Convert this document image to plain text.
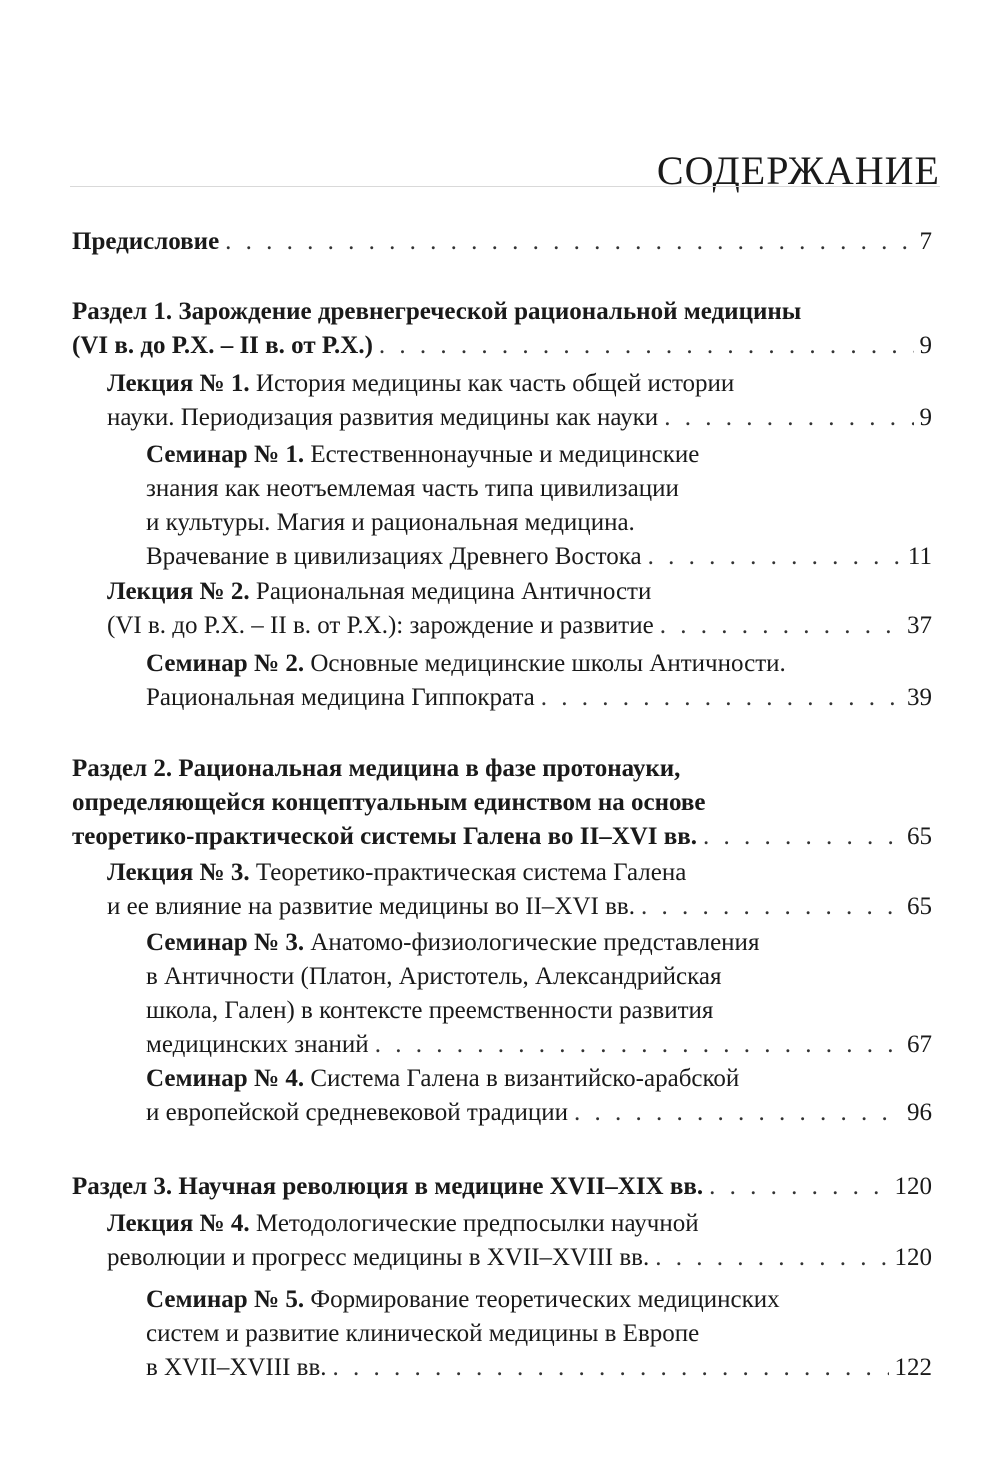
СОДЕРЖАНИЕ
Предисловие . . .	7
Раздел 1. Зарождение древнегреческой рациональной медицины
(VI в. до Р.Х. – II в. от Р.Х.) . . .	9
Лекция № 1. История медицины как часть общей истории
науки. Периодизация развития медицины как науки . . .	9
Семинар № 1. Естественнонаучные и медицинские
знания как неотъемлемая часть типа цивилизации
и культуры. Магия и рациональная медицина.
Врачевание в цивилизациях Древнего Востока . . .	11
Лекция № 2. Рациональная медицина Античности
(VI в. до Р.Х. – II в. от Р.Х.): зарождение и развитие . . .	37
Семинар № 2. Основные медицинские школы Античности.
Рациональная медицина Гиппократа . . .	39
Раздел 2. Рациональная медицина в фазе протонауки,
определяющейся концептуальным единством на основе
теоретико-практической системы Галена во II–XVI вв. . . .	65
Лекция № 3. Теоретико-практическая система Галена
и ее влияние на развитие медицины во II–XVI вв. . . .	65
Семинар № 3. Анатомо-физиологические представления
в Античности (Платон, Аристотель, Александрийская
школа, Гален) в контексте преемственности развития
медицинских знаний . . .	67
Семинар № 4. Система Галена в византийско-арабской
и европейской средневековой традиции . . .	96
Раздел 3. Научная революция в медицине XVII–XIX вв. . . .	120
Лекция № 4. Методологические предпосылки научной
революции и прогресс медицины в XVII–XVIII вв. . . .	120
Семинар № 5. Формирование теоретических медицинских
систем и развитие клинической медицины в Европе
в XVII–XVIII вв. . . .	122
